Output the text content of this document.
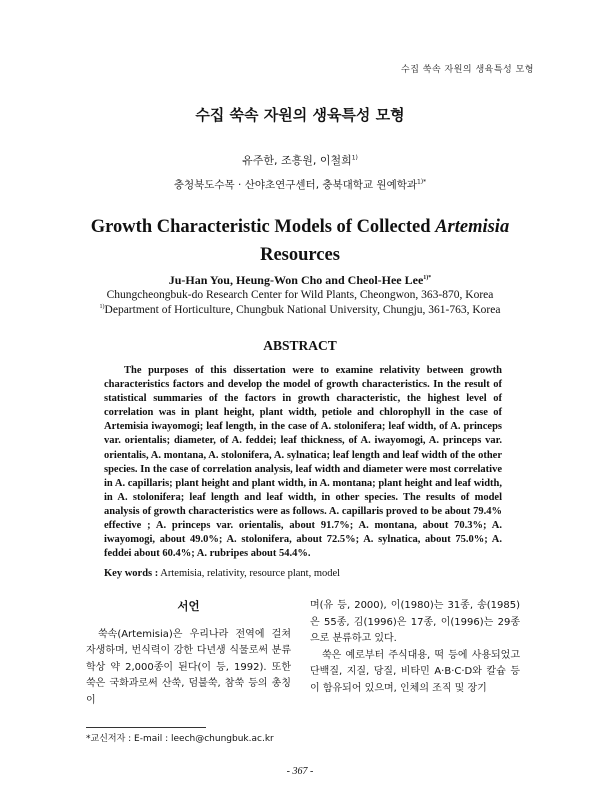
수집 쑥속 자원의 생육특성 모형
수집 쑥속 자원의 생육특성 모형
유주한, 조흥원, 이철희$^{1)}$
충청북도수목 · 산야초연구센터, 충북대학교 원예학과$^{1)*}$
Growth Characteristic Models of Collected Artemisia
Resources
Ju-Han You, Heung-Won Cho and Cheol-Hee Lee$^{1)*}$
Chungcheongbuk-do Research Center for Wild Plants, Cheongwon, 363-870, Korea
$^{1)}$Department of Horticulture, Chungbuk National University, Chungju, 361-763, Korea
ABSTRACT
The purposes of this dissertation were to examine relativity between growth characteristics factors and develop the model of growth characteristics. In the result of statistical summaries of the factors in growth characteristic, the highest level of correlation was in plant height, plant width, petiole and chlorophyll in the case of Artemisia iwayomogi; leaf length, in the case of A. stolonifera; leaf width, of A. princeps var. orientalis; diameter, of A. feddei; leaf thickness, of A. iwayomogi, A. princeps var. orientalis, A. montana, A. stolonifera, A. sylnatica; leaf length and leaf width of the other species. In the case of correlation analysis, leaf width and diameter were most correlative in A. capillaris; plant height and plant width, in A. montana; plant height and leaf width, in A. stolonifera; leaf length and leaf width, in other species. The results of model analysis of growth characteristics were as follows. A. capillaris proved to be about 79.4% effective ; A. princeps var. orientalis, about 91.7%; A. montana, about 70.3%; A. iwayomogi, about 49.0%; A. stolonifera, about 72.5%; A. sylnatica, about 75.0%; A. feddei about 60.4%; A. rubripes about 54.4%.
Key words : Artemisia, relativity, resource plant, model
서언

쑥속(Artemisia)은 우리나라 전역에 걸쳐 자생하며, 번식력이 강한 다년생 식물로써 분류학상 약 2,000종이 된다(이 등, 1992). 또한 쑥은 국화과로써 산쑥, 덤불쑥, 참쑥 등의 총칭이

며(유 등, 2000), 이(1980)는 31종, 송(1985)은 55종, 김(1996)은 17종, 이(1996)는 29종으로 분류하고 있다.

쑥은 예로부터 주식대용, 떡 등에 사용되었고 단백질, 지질, 당질, 비타민 A·B·C·D와 칼슘 등이 함유되어 있으며, 인체의 조직 및 장기

*교신저자 : E-mail : leech@chungbuk.ac.kr
- 367 -
